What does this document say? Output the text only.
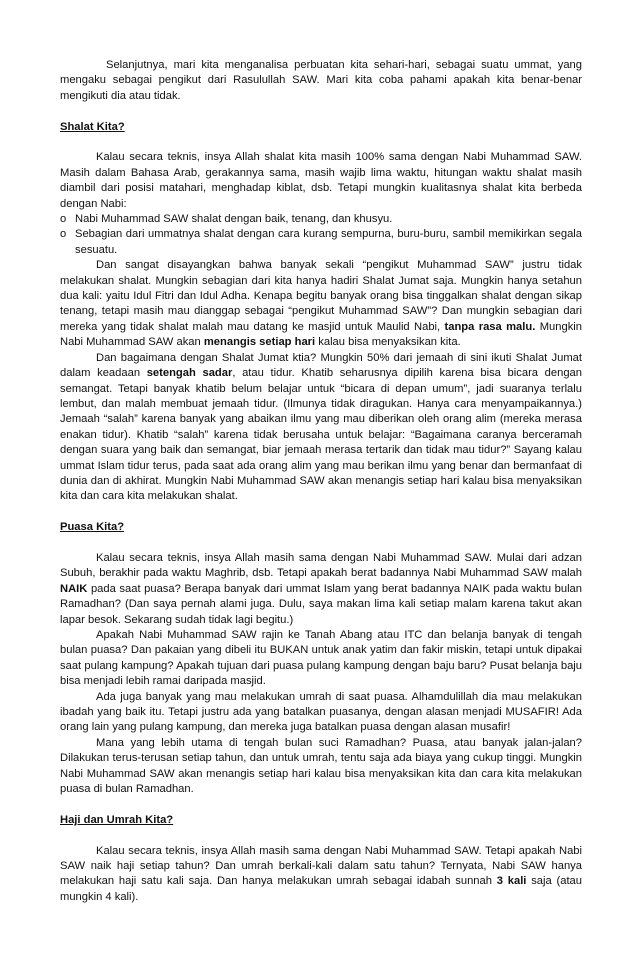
Selanjutnya, mari kita menganalisa perbuatan kita sehari-hari, sebagai suatu ummat, yang mengaku sebagai pengikut dari Rasulullah SAW. Mari kita coba pahami apakah kita benar-benar mengikuti dia atau tidak.

Shalat Kita?

Kalau secara teknis, insya Allah shalat kita masih 100% sama dengan Nabi Muhammad SAW. Masih dalam Bahasa Arab, gerakannya sama, masih wajib lima waktu, hitungan waktu shalat masih diambil dari posisi matahari, menghadap kiblat, dsb. Tetapi mungkin kualitasnya shalat kita berbeda dengan Nabi:

o Nabi Muhammad SAW shalat dengan baik, tenang, dan khusyu.
o Sebagian dari ummatnya shalat dengan cara kurang sempurna, buru-buru, sambil memikirkan segala sesuatu.

Dan sangat disayangkan bahwa banyak sekali “pengikut Muhammad SAW” justru tidak melakukan shalat. Mungkin sebagian dari kita hanya hadiri Shalat Jumat saja. Mungkin hanya setahun dua kali: yaitu Idul Fitri dan Idul Adha. Kenapa begitu banyak orang bisa tinggalkan shalat dengan sikap tenang, tetapi masih mau dianggap sebagai “pengikut Muhammad SAW”? Dan mungkin sebagian dari mereka yang tidak shalat malah mau datang ke masjid untuk Maulid Nabi, tanpa rasa malu. Mungkin Nabi Muhammad SAW akan menangis setiap hari kalau bisa menyaksikan kita.

Dan bagaimana dengan Shalat Jumat ktia? Mungkin 50% dari jemaah di sini ikuti Shalat Jumat dalam keadaan setengah sadar, atau tidur. Khatib seharusnya dipilih karena bisa bicara dengan semangat. Tetapi banyak khatib belum belajar untuk “bicara di depan umum”, jadi suaranya terlalu lembut, dan malah membuat jemaah tidur. (Ilmunya tidak diragukan. Hanya cara menyampaikannya.) Jemaah “salah” karena banyak yang abaikan ilmu yang mau diberikan oleh orang alim (mereka merasa enakan tidur). Khatib “salah” karena tidak berusaha untuk belajar: “Bagaimana caranya berceramah dengan suara yang baik dan semangat, biar jemaah merasa tertarik dan tidak mau tidur?” Sayang kalau ummat Islam tidur terus, pada saat ada orang alim yang mau berikan ilmu yang benar dan bermanfaat di dunia dan di akhirat. Mungkin Nabi Muhammad SAW akan menangis setiap hari kalau bisa menyaksikan kita dan cara kita melakukan shalat.

Puasa Kita?

Kalau secara teknis, insya Allah masih sama dengan Nabi Muhammad SAW. Mulai dari adzan Subuh, berakhir pada waktu Maghrib, dsb. Tetapi apakah berat badannya Nabi Muhammad SAW malah NAIK pada saat puasa? Berapa banyak dari ummat Islam yang berat badannya NAIK pada waktu bulan Ramadhan? (Dan saya pernah alami juga. Dulu, saya makan lima kali setiap malam karena takut akan lapar besok. Sekarang sudah tidak lagi begitu.)

Apakah Nabi Muhammad SAW rajin ke Tanah Abang atau ITC dan belanja banyak di tengah bulan puasa? Dan pakaian yang dibeli itu BUKAN untuk anak yatim dan fakir miskin, tetapi untuk dipakai saat pulang kampung? Apakah tujuan dari puasa pulang kampung dengan baju baru? Pusat belanja baju bisa menjadi lebih ramai daripada masjid.

Ada juga banyak yang mau melakukan umrah di saat puasa. Alhamdulillah dia mau melakukan ibadah yang baik itu. Tetapi justru ada yang batalkan puasanya, dengan alasan menjadi MUSAFIR! Ada orang lain yang pulang kampung, dan mereka juga batalkan puasa dengan alasan musafir!

Mana yang lebih utama di tengah bulan suci Ramadhan? Puasa, atau banyak jalan-jalan? Dilakukan terus-terusan setiap tahun, dan untuk umrah, tentu saja ada biaya yang cukup tinggi. Mungkin Nabi Muhammad SAW akan menangis setiap hari kalau bisa menyaksikan kita dan cara kita melakukan puasa di bulan Ramadhan.

Haji dan Umrah Kita?

Kalau secara teknis, insya Allah masih sama dengan Nabi Muhammad SAW. Tetapi apakah Nabi SAW naik haji setiap tahun? Dan umrah berkali-kali dalam satu tahun? Ternyata, Nabi SAW hanya melakukan haji satu kali saja. Dan hanya melakukan umrah sebagai idabah sunnah 3 kali saja (atau mungkin 4 kali).
